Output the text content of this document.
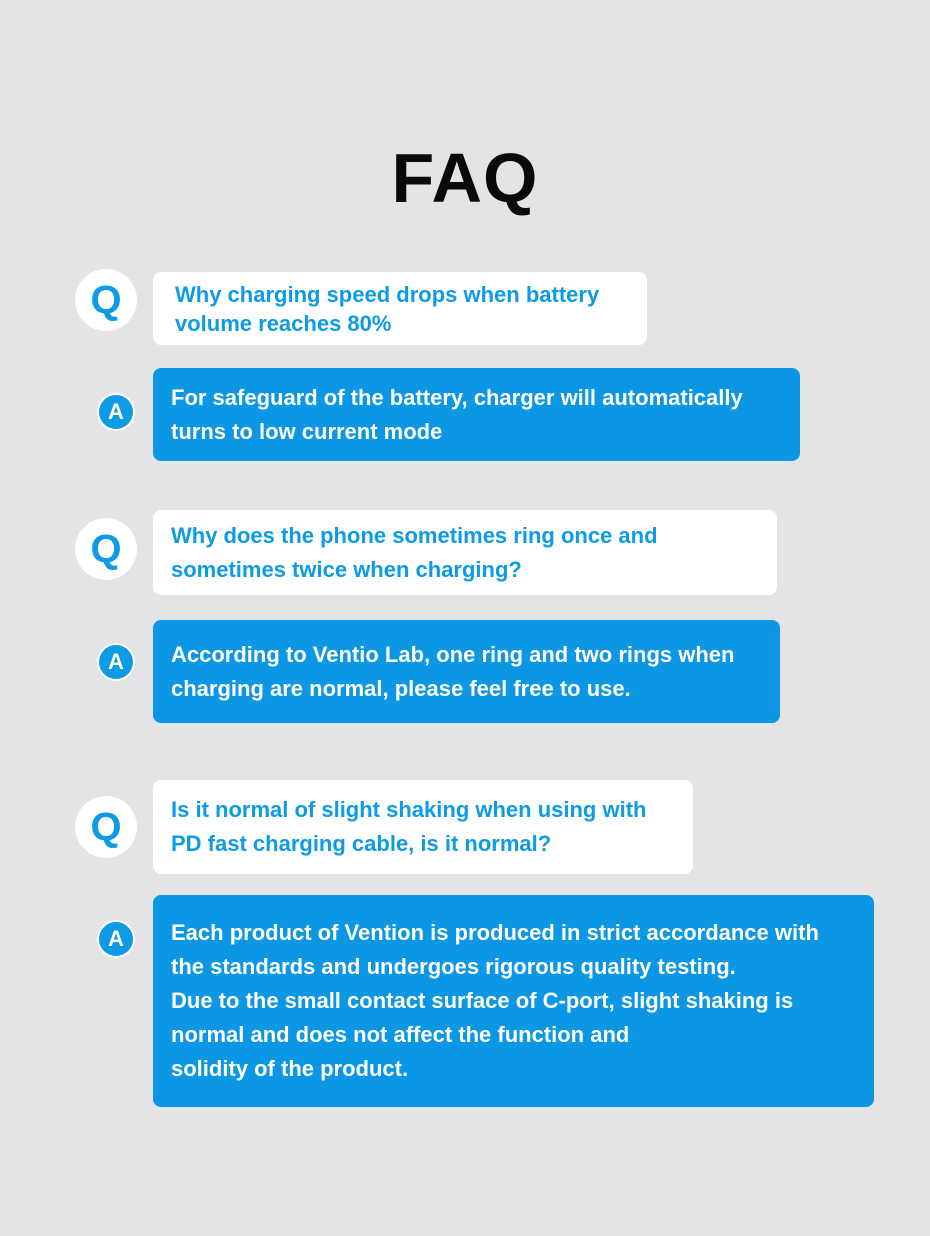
FAQ
Q	Why charging speed drops when battery
volume reaches 80%
A
For safeguard of the battery, charger will automatically
turns to low current mode
Q	Why does the phone sometimes ring once and
sometimes twice when charging?
A	According to Ventio Lab, one ring and two rings when
charging are normal, please feel free to use.
Q	Is it normal of slight shaking when using with
PD fast charging cable, is it normal?
A	Each product of Vention is produced in strict accordance with
the standards and undergoes rigorous quality testing.
Due to the small contact surface of C-port, slight shaking is
normal and does not affect the function and
solidity of the product.
